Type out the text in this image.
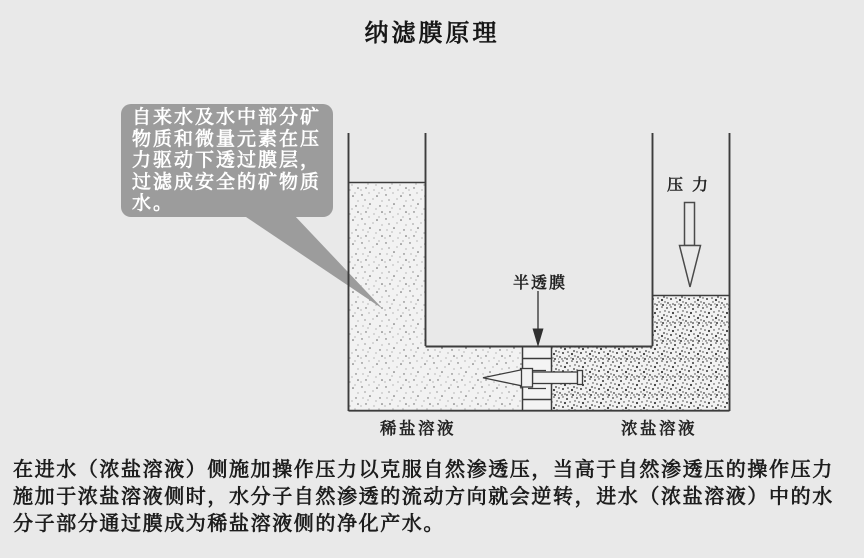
纳滤膜原理
自来水及水中部分矿
物质和微量元素在压
力驱动下透过膜层，
过滤成安全的矿物质
水。
压力
半透膜
稀盐溶液	浓盐溶液
在进水（浓盐溶液）侧施加操作压力以克服自然渗透压，当高于自然渗透压的操作压力
施加于浓盐溶液侧时，水分子自然渗透的流动方向就会逆转，进水（浓盐溶液）中的水
分子部分通过膜成为稀盐溶液侧的净化产水。
